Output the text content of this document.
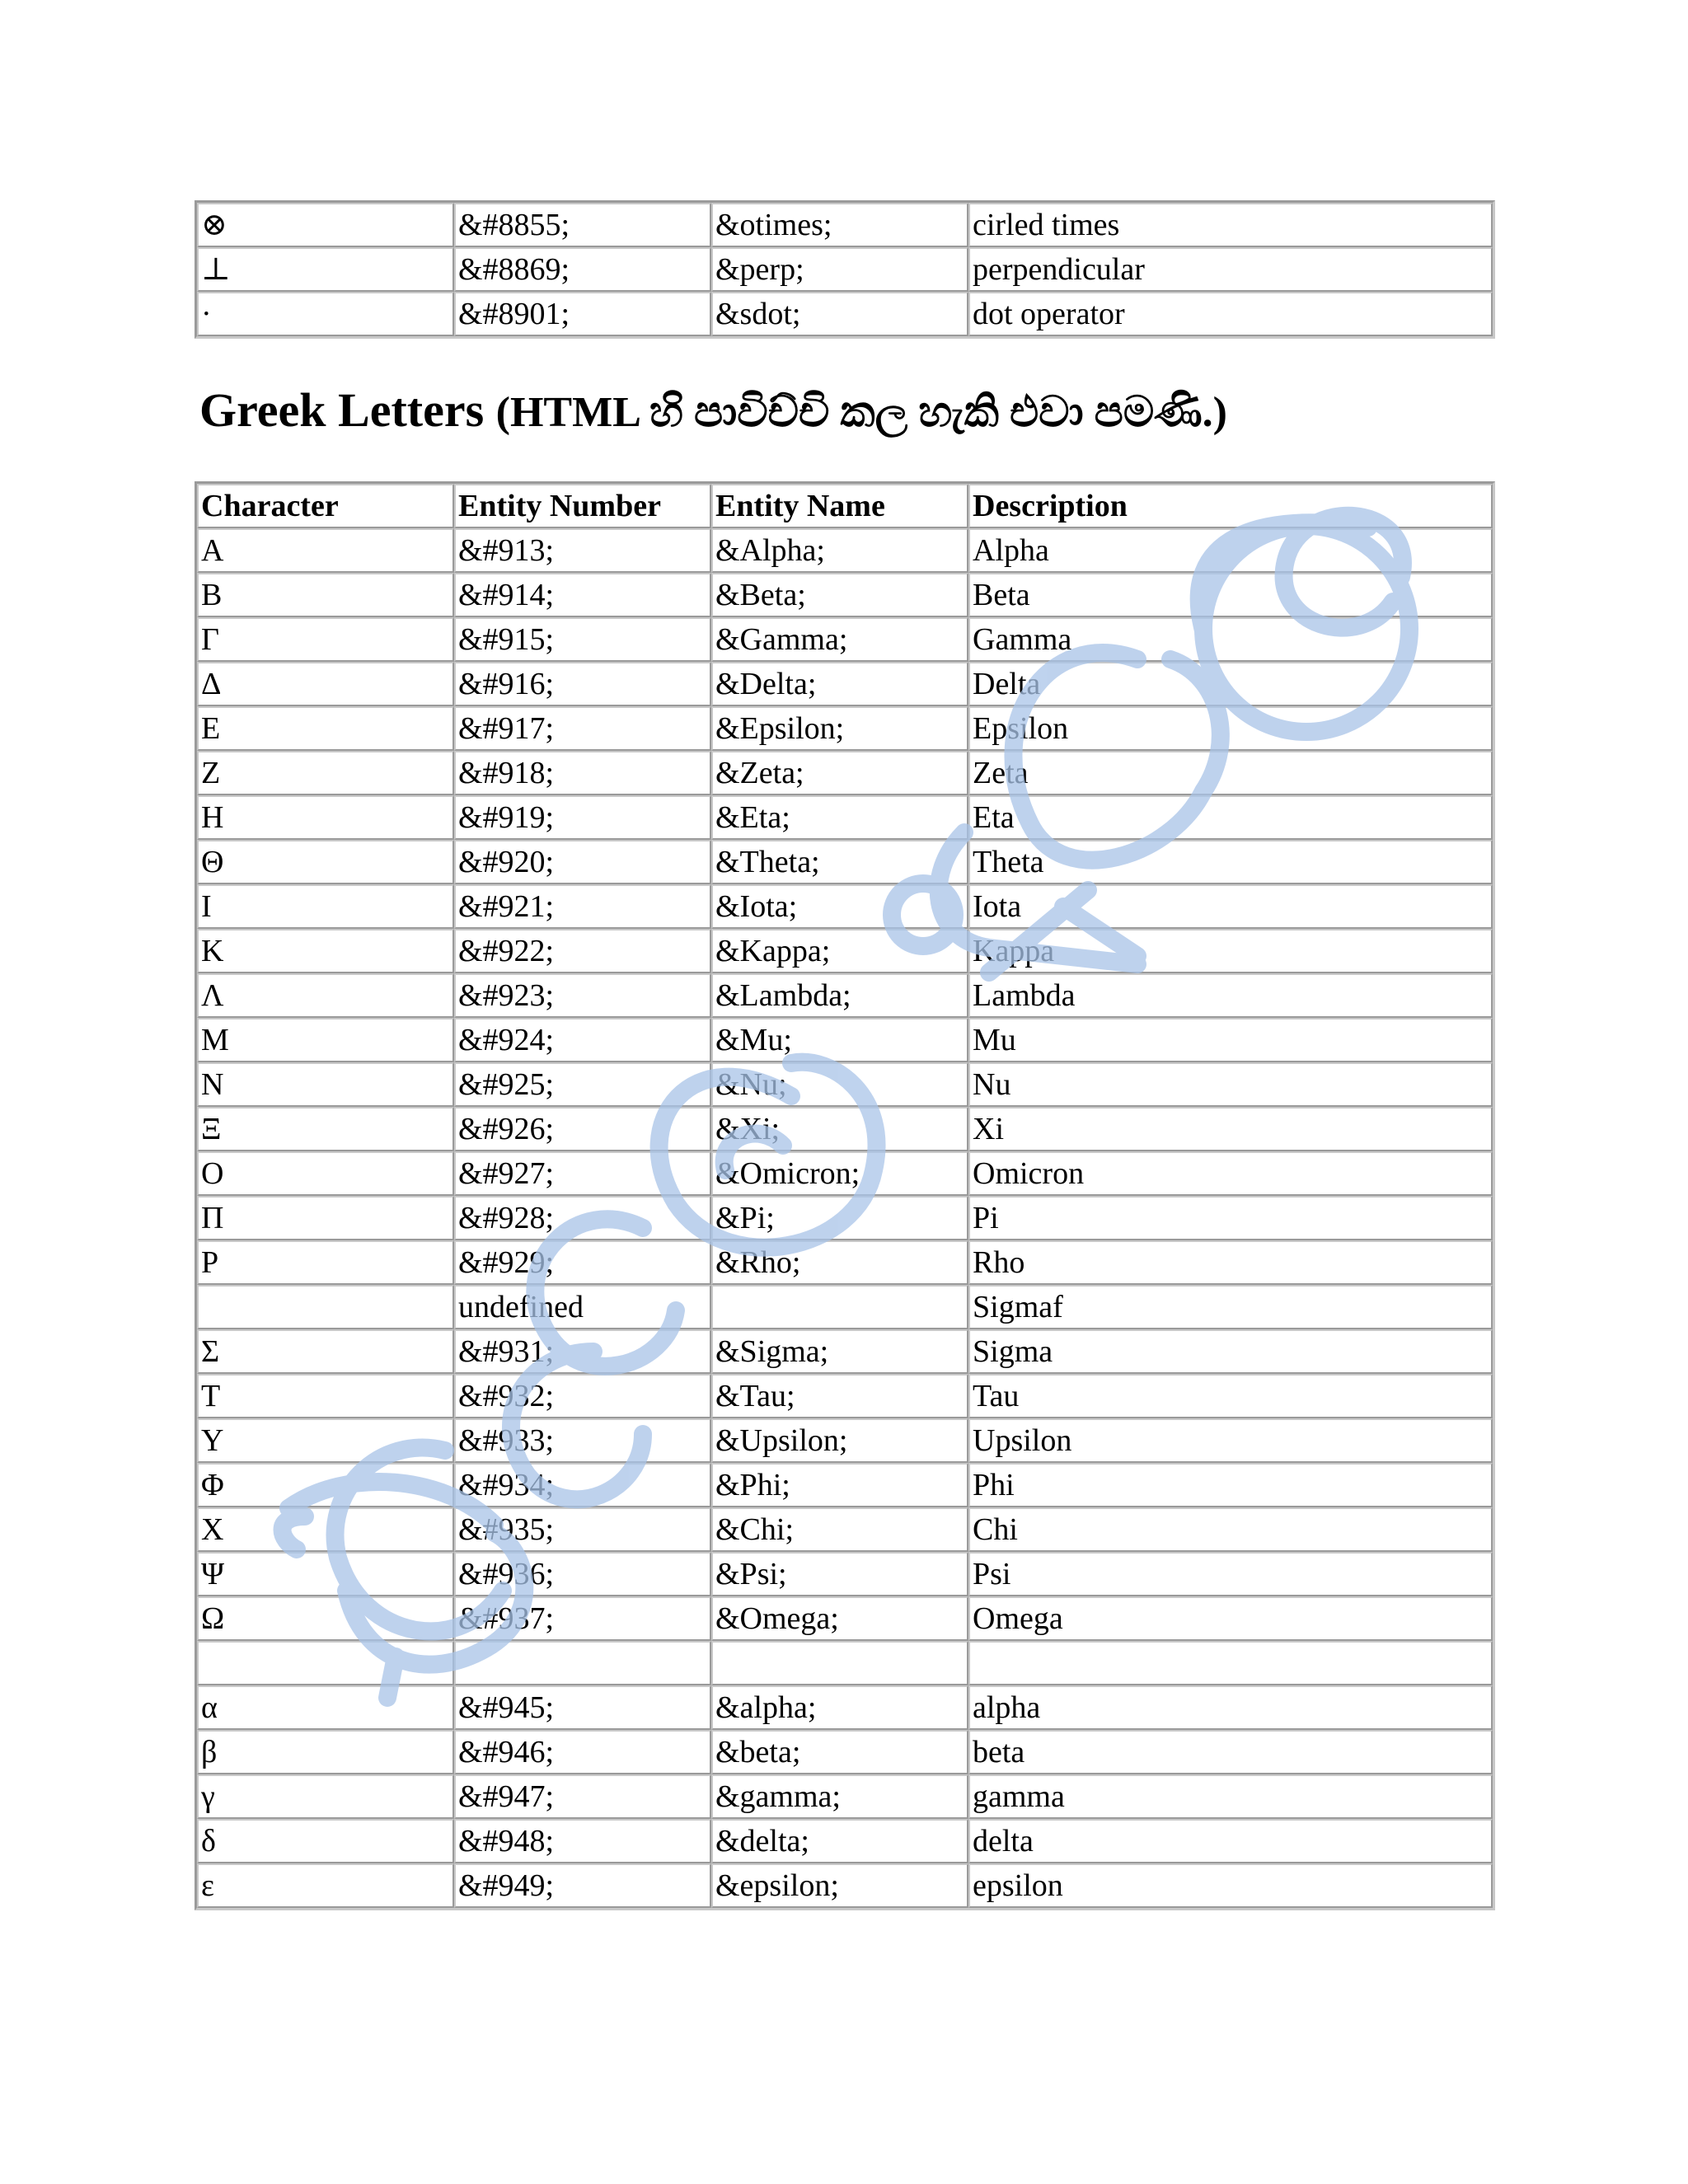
⊗	&#8855;	&otimes;	cirled times
⊥	&#8869;	&perp;	perpendicular
·	&#8901;	&sdot;	dot operator
Greek Letters (HTML හි පාවිච්චි කල හැකි එවා පමණි.)
Character	Entity Number	Entity Name	Description
Α	&#913;	&Alpha;	Alpha
Β	&#914;	&Beta;	Beta
Γ	&#915;	&Gamma;	Gamma
Δ	&#916;	&Delta;	Delta
Ε	&#917;	&Epsilon;	Epsilon
Ζ	&#918;	&Zeta;	Zeta
Η	&#919;	&Eta;	Eta
Θ	&#920;	&Theta;	Theta
Ι	&#921;	&Iota;	Iota
Κ	&#922;	&Kappa;	Kappa
Λ	&#923;	&Lambda;	Lambda
Μ	&#924;	&Mu;	Mu
Ν	&#925;	&Nu;	Nu
Ξ	&#926;	&Xi;	Xi
Ο	&#927;	&Omicron;	Omicron
Π	&#928;	&Pi;	Pi
Ρ	&#929;	&Rho;	Rho
	undefined		Sigmaf
Σ	&#931;	&Sigma;	Sigma
Τ	&#932;	&Tau;	Tau
Υ	&#933;	&Upsilon;	Upsilon
Φ	&#934;	&Phi;	Phi
Χ	&#935;	&Chi;	Chi
Ψ	&#936;	&Psi;	Psi
Ω	&#937;	&Omega;	Omega

α	&#945;	&alpha;	alpha
β	&#946;	&beta;	beta
γ	&#947;	&gamma;	gamma
δ	&#948;	&delta;	delta
ε	&#949;	&epsilon;	epsilon
